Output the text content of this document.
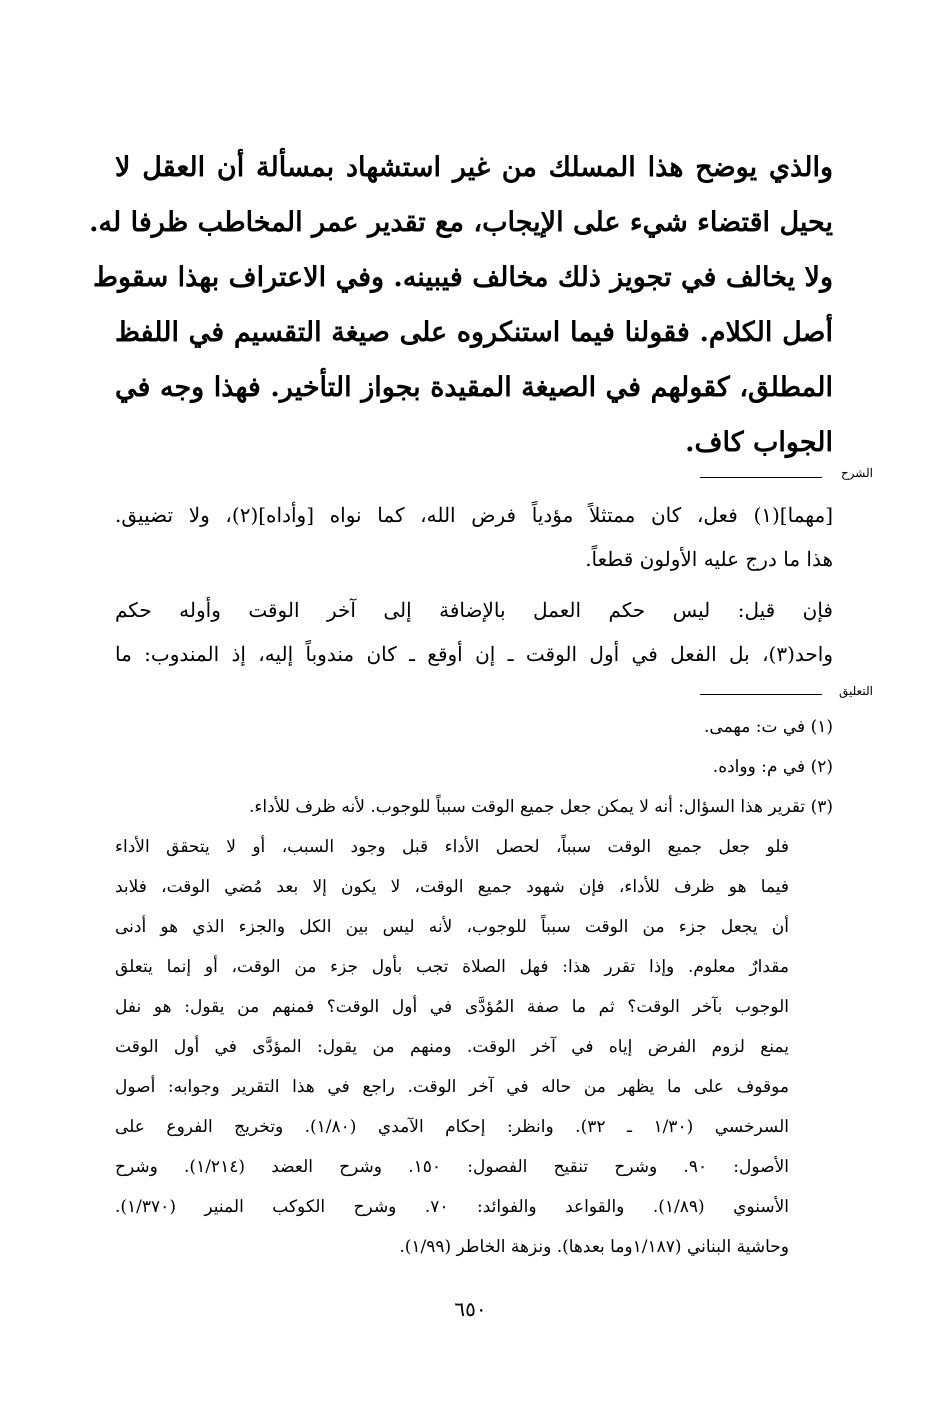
والذي يوضح هذا المسلك من غير استشهاد بمسألة أن العقل لا
يحيل اقتضاء شيء على الإيجاب، مع تقدير عمر المخاطب ظرفا له.
ولا يخالف في تجويز ذلك مخالف فيبينه. وفي الاعتراف بهذا سقوط
أصل الكلام. فقولنا فيما استنكروه على صيغة التقسيم في اللفظ
المطلق، كقولهم في الصيغة المقيدة بجواز التأخير. فهذا وجه في
الجواب كاف.
الشرح
[مهما](١) فعل، كان ممتثلاً مؤدياً فرض الله، كما نواه [وأداه](٢)، ولا تضييق.
هذا ما درج عليه الأولون قطعاً.
فإن قيل: ليس حكم العمل بالإضافة إلى آخر الوقت وأوله حكم
واحد(٣)، بل الفعل في أول الوقت ـ إن أوقع ـ كان مندوباً إليه، إذ المندوب: ما
التعليق
(١) في ت: مهمى.
(٢) في م: وواده.
(٣) تقرير هذا السؤال: أنه لا يمكن جعل جميع الوقت سبباً للوجوب. لأنه ظرف للأداء.
فلو جعل جميع الوقت سبباً، لحصل الأداء قبل وجود السبب، أو لا يتحقق الأداء
فيما هو ظرف للأداء، فإن شهود جميع الوقت، لا يكون إلا بعد مُضي الوقت، فلابد
أن يجعل جزء من الوقت سبباً للوجوب، لأنه ليس بين الكل والجزء الذي هو أدنى
مقدارٌ معلوم. وإذا تقرر هذا: فهل الصلاة تجب بأول جزء من الوقت، أو إنما يتعلق
الوجوب بآخر الوقت؟ ثم ما صفة المُؤدَّى في أول الوقت؟ فمنهم من يقول: هو نفل
يمنع لزوم الفرض إياه في آخر الوقت. ومنهم من يقول: المؤدَّى في أول الوقت
موقوف على ما يظهر من حاله في آخر الوقت. راجع في هذا التقرير وجوابه: أصول
السرخسي (١/٣٠ ـ ٣٢). وانظر: إحكام الآمدي (١/٨٠). وتخريج الفروع على
الأصول: ٩٠. وشرح تنقيح الفصول: ١٥٠. وشرح العضد (١/٢١٤). وشرح
الأسنوي (١/٨٩). والقواعد والفوائد: ٧٠. وشرح الكوكب المنير (١/٣٧٠).
وحاشية البناني (١/١٨٧وما بعدها). ونزهة الخاطر (١/٩٩).
٦٥٠
